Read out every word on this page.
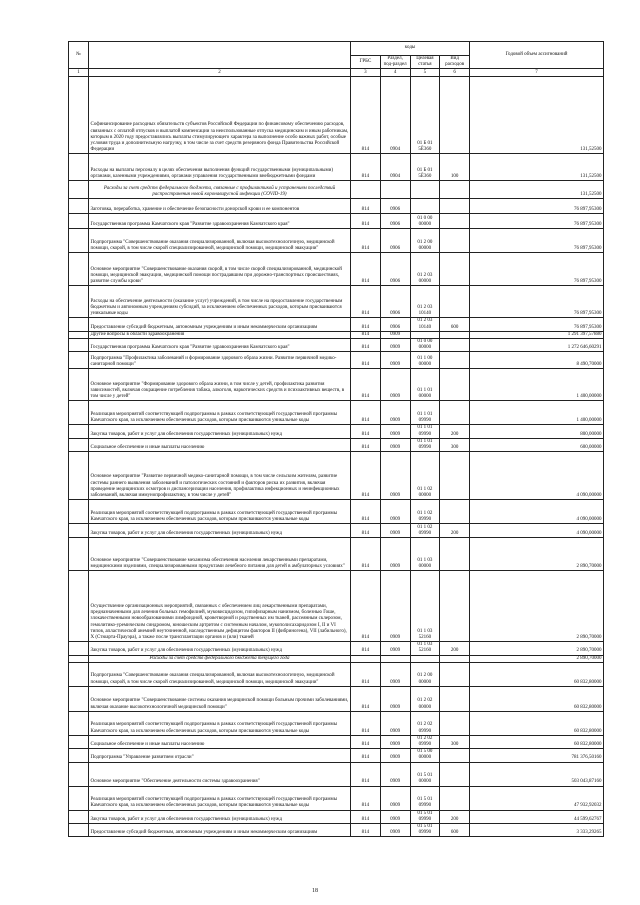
№		коды				Годовой объем ассигнований
		ГРБС	Раздел, под-раздел	Целевая статья	Вид расходов	
1	2	3	4	5	6	7
	Софинансирование расходных обязательств субъектов Российской Федерации по финансовому обеспечению расходов, связанных с оплатой отпусков и выплатой компенсации за неиспользованные отпуска медицинским и иным работникам, которым в 2020 году предоставлялись выплаты стимулирующего характера за выполнение особо важных работ, особые условия труда и дополнительную нагрузку, в том числе за счет средств резервного фонда Правительства Российской Федерации	814	0904	01 Б 01 5Ё360		131,52500
	Расходы на выплаты персоналу в целях обеспечения выполнения функций государственными (муниципальными) органами, казенными учреждениями, органами управления государственными внебюджетными фондами	814	0904	01 Б 01 5Ё360	100	131,52500
	Расходы за счет средств федерального бюджета, связанные с профилактикой и устранением последствий распространения новой коронавирусной инфекции (COVID-19)					131,52500
	Заготовка, переработка, хранение и обеспечение безопасности донорской крови и ее компонентов	814	0906			76 897,95300
	Государственная программа Камчатского края "Развитие здравоохранения Камчатского края"	814	0906	01 0 00 00000		76 897,95300
	Подпрограмма "Совершенствование оказания специализированной, включая высокотехнологичную, медицинской помощи, скорой, в том числе скорой специализированной, медицинской помощи, медицинской эвакуации"	814	0906	01 2 00 00000		76 897,95300
	Основное мероприятие "Совершенствование оказания скорой, в том числе скорой специализированной, медицинской помощи, медицинской эвакуации, медицинской помощи пострадавшим при дорожно-транспортных происшествиях, развитие службы крови"	814	0906	01 2 03 00000		76 897,95300
	Расходы на обеспечение деятельности (оказание услуг) учреждений, в том числе на предоставление государственным бюджетным и автономным учреждениям субсидий, за исключением обеспеченных расходов, которым присваиваются уникальные коды	814	0906	01 2 03 10140		76 897,95300
	Предоставление субсидий бюджетным, автономным учреждениям и иным некоммерческим организациям	814	0906	01 2 03 10140	600	76 897,95300
	Другие вопросы в области здравоохранения	814	0909			1 291 397,57880
	Государственная программа Камчатского края "Развитие здравоохранения Камчатского края"	814	0909	01 0 00 00000		1 272 646,60291
	Подпрограмма "Профилактика заболеваний и формирование здорового образа жизни. Развитие первичной медико-санитарной помощи"	814	0909	01 1 00 00000		8 490,70000
	Основное мероприятие "Формирование здорового образа жизни, в том числе у детей, профилактика развития зависимостей, включая сокращение потребления табака, алкоголя, наркотических средств и психоактивных веществ, в том числе у детей"	814	0909	01 1 01 00000		1 400,00000
	Реализация мероприятий соответствующей подпрограммы в рамках соответствующей государственной программы Камчатского края, за исключением обеспеченных расходов, которым присваиваются уникальные коды	814	0909	01 1 01 09990		1 400,00000
	Закупка товаров, работ и услуг для обеспечения государственных (муниципальных) нужд	814	0909	01 1 01 09990	200	800,00000
	Социальное обеспечение и иные выплаты населению	814	0909	01 1 01 09990	300	600,00000
	Основное мероприятие "Развитие первичной медико-санитарной помощи, в том числе сельским жителям, развитие системы раннего выявления заболеваний и патологических состояний и факторов риска их развития, включая проведение медицинских осмотров и диспансеризации населения, профилактика инфекционных и неинфекционных заболеваний, включая иммунопрофилактику, в том числе у детей"	814	0909	01 1 02 00000		4 090,00000
	Реализация мероприятий соответствующей подпрограммы в рамках соответствующей государственной программы Камчатского края, за исключением обеспеченных расходов, которым присваиваются уникальные коды	814	0909	01 1 02 09990		4 090,00000
	Закупка товаров, работ и услуг для обеспечения государственных (муниципальных) нужд	814	0909	01 1 02 09990	200	4 090,00000
	Основное мероприятие "Совершенствование механизма обеспечения населения лекарственными препаратами, медицинскими изделиями, специализированными продуктами лечебного питания для детей в амбулаторных условиях"	814	0909	01 1 03 00000		2 890,70000
	Осуществление организационных мероприятий, связанных с обеспечением лиц лекарственными препаратами, предназначенными для лечения больных гемофилией, муковисцидозом, гипофизарным нанизмом, болезнью Гоше, злокачественными новообразованиями лимфоидной, кроветворной и родственных им тканей, рассеянным склерозом, гемолитико-уремическим синдромом, юношеским артритом с системным началом, мукополисахаридозом I, II и VI типов, апластической анемией неуточненной, наследственным дефицитом факторов II (фибриногена), VII (лабильного), X (Стюарта-Прауэра), а также после трансплантации органов и (или) тканей	814	0909	01 1 03 52160		2 890,70000
	Закупка товаров, работ и услуг для обеспечения государственных (муниципальных) нужд	814	0909	01 1 03 52160	200	2 890,70000
	Расходы за счет средств федерального бюджета текущего года					2 890,70000
	Подпрограмма "Совершенствование оказания специализированной, включая высокотехнологичную, медицинской помощи, скорой, в том числе скорой специализированной, медицинской помощи, медицинской эвакуации"	814	0909	01 2 00 00000		60 832,80000
	Основное мероприятие "Совершенствование системы оказания медицинской помощи больным прочими заболеваниями, включая оказание высокотехнологичной медицинской помощи"	814	0909	01 2 02 00000		60 832,80000
	Реализация мероприятий соответствующей подпрограммы в рамках соответствующей государственной программы Камчатского края, за исключением обеспеченных расходов, которым присваиваются уникальные коды	814	0909	01 2 02 09990		60 832,80000
	Социальное обеспечение и иные выплаты населению	814	0909	01 2 02 09990	300	60 832,80000
	Подпрограмма "Управление развитием отрасли"	814	0909	01 5 00 00000		781 376,50160
	Основное мероприятие "Обеспечение деятельности системы здравоохранения"	814	0909	01 5 01 00000		503 043,87160
	Реализация мероприятий соответствующей подпрограммы в рамках соответствующей государственной программы Камчатского края, за исключением обеспеченных расходов, которым присваиваются уникальные коды	814	0909	01 5 01 09990		47 932,92032
	Закупка товаров, работ и услуг для обеспечения государственных (муниципальных) нужд	814	0909	01 5 01 09990	200	44 599,62767
	Предоставление субсидий бюджетным, автономным учреждениям и иным некоммерческим организациям	814	0909	01 5 01 09990	600	3 333,29265
18
